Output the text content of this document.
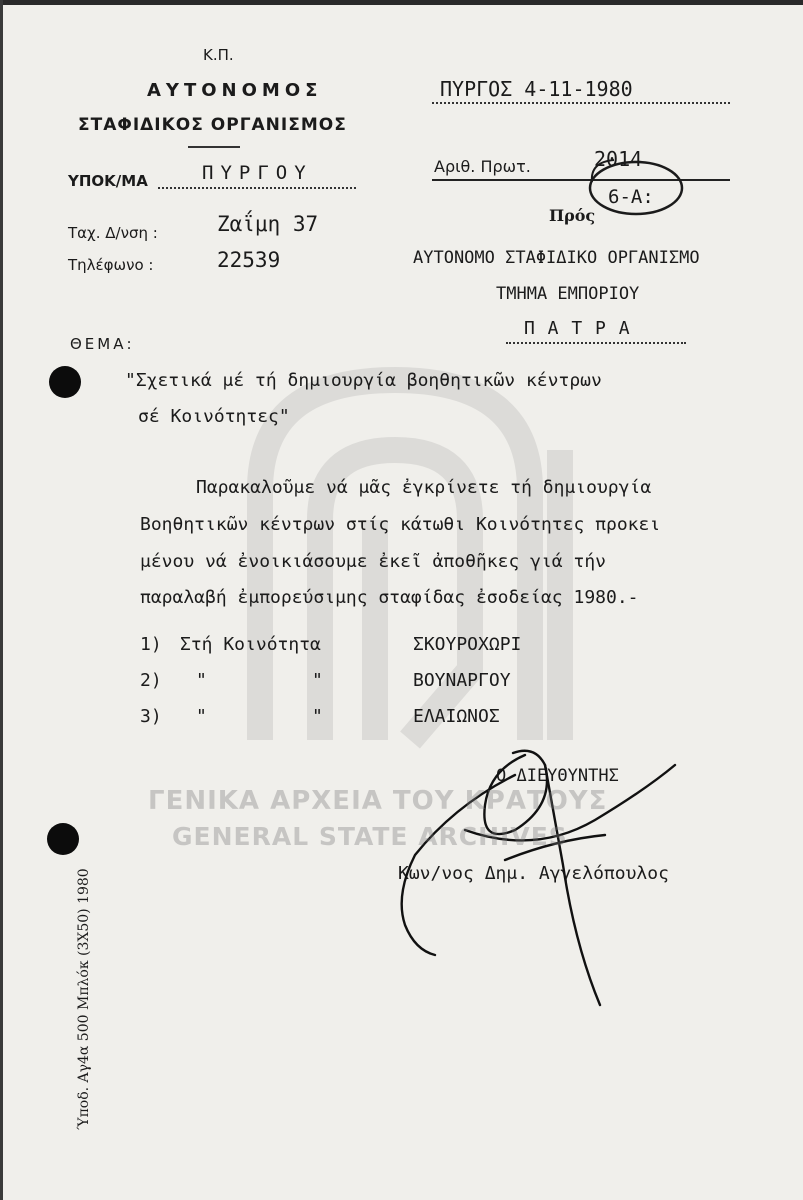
Κ.Π.
ΑΥΤΟΝΟΜΟΣ
ΣΤΑΦΙΔΙΚΟΣ ΟΡΓΑΝΙΣΜΟΣ
ΥΠΟΚ/ΜΑ	ΠΥΡΓΟΥ
Ταχ. Δ/νση :	Ζαΐμη 37
Τηλέφωνο :	22539
ΠΥΡΓΟΣ 4-11-1980
Αριθ. Πρωτ.	2014
6-Α:
Πρός
ΑΥΤΟΝΟΜΟ ΣΤΑΦΙΔΙΚΟ ΟΡΓΑΝΙΣΜΟ
ΤΜΗΜΑ ΕΜΠΟΡΙΟΥ
Π Α Τ Ρ Α
ΘΕΜΑ:
"Σχετικά μέ τή δημιουργία βοηθητικῶν κέντρων
σέ Κοινότητες"
Παρακαλοῦμε νά μᾶς ἐγκρίνετε τή δημιουργία
Βοηθητικῶν κέντρων στίς κάτωθι Κοινότητες προκει
μένου νά ἐνοικιάσουμε ἐκεῖ ἀποθῆκες γιά τήν
παραλαβή ἐμπορεύσιμης σταφίδας ἐσοδείας 1980.-
1) Στή Κοινότητα	ΣΚΟΥΡΟΧΩΡΙ
2) "	"	ΒΟΥΝΑΡΓΟΥ
3) "	"	ΕΛΑΙΩΝΟΣ
Ο ΔΙΕΥΘΥΝΤΗΣ
Κων/νος Δημ. Αγγελόπουλος
ΓΕΝΙΚΑ ΑΡΧΕΙΑ ΤΟΥ ΚΡΑΤΟΥΣ
GENERAL STATE ARCHIVES
Ύποδ. Αγ4α 500 Μπλόκ (3Χ50) 1980
